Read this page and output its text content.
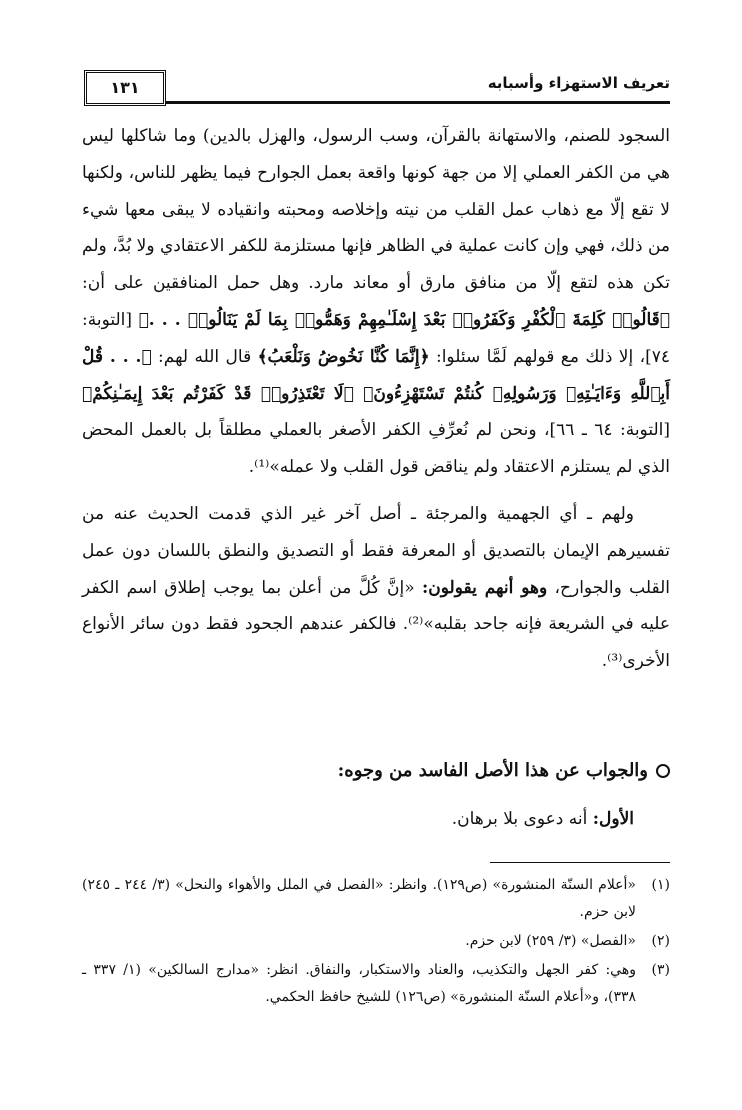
تعريف الاستهزاء وأسبابه
١٣١

السجود للصنم، والاستهانة بالقرآن، وسب الرسول، والهزل بالدين) وما شاكلها ليس هي من الكفر العملي إلا من جهة كونها واقعة بعمل الجوارح فيما يظهر للناس، ولكنها لا تقع إلّا مع ذهاب عمل القلب من نيته وإخلاصه ومحبته وانقياده لا يبقى معها شيء من ذلك، فهي وإن كانت عملية في الظاهر فإنها مستلزمة للكفر الاعتقادي ولا بُدَّ، ولم تكن هذه لتقع إلّا من منافق مارق أو معاند مارد. وهل حمل المنافقين على أن: ﴿قَالُوا۟ كَلِمَةَ ٱلْكُفْرِ وَكَفَرُوا۟ بَعْدَ إِسْلَـٰمِهِمْ وَهَمُّوا۟ بِمَا لَمْ يَنَالُوا۟ . . .﴾ [التوبة: ٧٤]، إلا ذلك مع قولهم لَمَّا سئلوا: ﴿إِنَّمَا كُنَّا نَخُوضُ وَنَلْعَبُ﴾ قال الله لهم: ﴿. . . قُلْ أَبِٱللَّهِ وَءَايَـٰتِهِۦ وَرَسُولِهِۦ كُنتُمْ تَسْتَهْزِءُونَ﴾ ﴿لَا تَعْتَذِرُوا۟ قَدْ كَفَرْتُم بَعْدَ إِيمَـٰنِكُمْ﴾ [التوبة: ٦٤ ـ ٦٦]، ونحن لم نُعرِّفِ الكفر الأصغر بالعملي مطلقاً بل بالعمل المحض الذي لم يستلزم الاعتقاد ولم يناقض قول القلب ولا عمله»⁽¹⁾.

ولهم ـ أي الجهمية والمرجئة ـ أصل آخر غير الذي قدمت الحديث عنه من تفسيرهم الإيمان بالتصديق أو المعرفة فقط أو التصديق والنطق باللسان دون عمل القلب والجوارح، وهو أنهم يقولون: «إنَّ كُلَّ من أعلن بما يوجب إطلاق اسم الكفر عليه في الشريعة فإنه جاحد بقلبه»⁽²⁾. فالكفر عندهم الجحود فقط دون سائر الأنواع الأخرى⁽³⁾.

والجواب عن هذا الأصل الفاسد من وجوه:
الأول: أنه دعوى بلا برهان.
(١)
«أعلام السنّة المنشورة» (ص١٢٩). وانظر: «الفصل في الملل والأهواء والنحل» (٣/ ٢٤٤ ـ ٢٤٥) لابن حزم.
(٢)
«الفصل» (٣/ ٢٥٩) لابن حزم.
(٣)
وهي: كفر الجهل والتكذيب، والعناد والاستكبار، والنفاق. انظر: «مدارج السالكين» (١/ ٣٣٧ ـ ٣٣٨)، و«أعلام السنّة المنشورة» (ص١٢٦) للشيخ حافظ الحكمي.
